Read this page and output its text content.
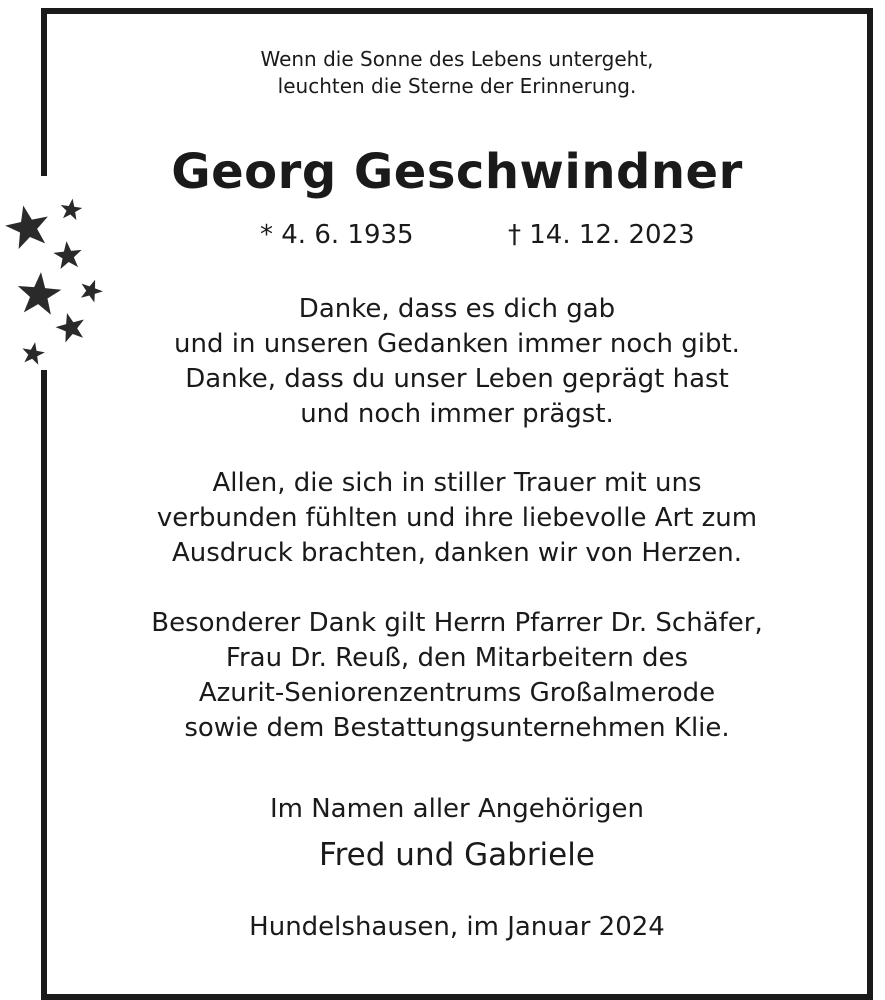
Wenn die Sonne des Lebens untergeht,
leuchten die Sterne der Erinnerung.
Georg Geschwindner
* 4. 6. 1935	† 14. 12. 2023
Danke, dass es dich gab
und in unseren Gedanken immer noch gibt.
Danke, dass du unser Leben geprägt hast
und noch immer prägst.
Allen, die sich in stiller Trauer mit uns
verbunden fühlten und ihre liebevolle Art zum
Ausdruck brachten, danken wir von Herzen.
Besonderer Dank gilt Herrn Pfarrer Dr. Schäfer,
Frau Dr. Reuß, den Mitarbeitern des
Azurit-Seniorenzentrums Großalmerode
sowie dem Bestattungsunternehmen Klie.
Im Namen aller Angehörigen
Fred und Gabriele
Hundelshausen, im Januar 2024
